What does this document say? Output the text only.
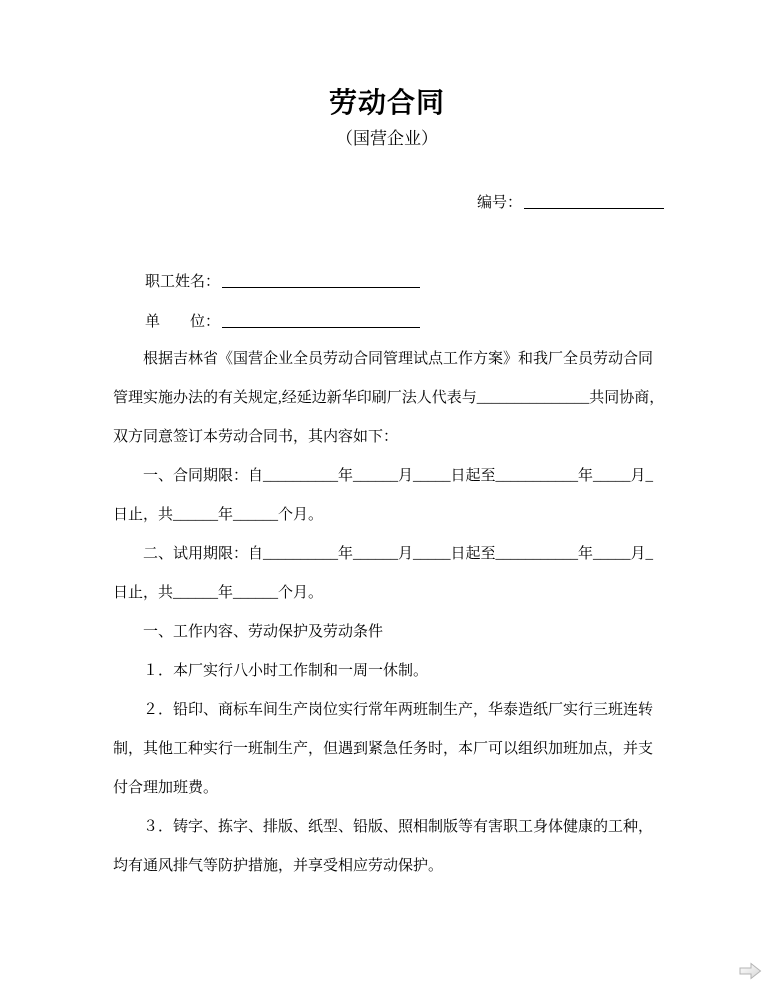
劳动合同
（国营企业）
编号：
职工姓名：
单　　位：
根据吉林省《国营企业全员劳动合同管理试点工作方案》和我厂全员劳动合同
管理实施办法的有关规定,经延边新华印刷厂法人代表与_______________共同协商，
双方同意签订本劳动合同书，其内容如下：
一、合同期限：自__________年______月_____日起至___________年_____月_
日止，共______年______个月。
二、试用期限：自__________年______月_____日起至___________年_____月_
日止，共______年______个月。
一、工作内容、劳动保护及劳动条件
１．本厂实行八小时工作制和一周一休制。
２．铅印、商标车间生产岗位实行常年两班制生产，华泰造纸厂实行三班连转
制，其他工种实行一班制生产，但遇到紧急任务时，本厂可以组织加班加点，并支
付合理加班费。
３．铸字、拣字、排版、纸型、铅版、照相制版等有害职工身体健康的工种，
均有通风排气等防护措施，并享受相应劳动保护。
